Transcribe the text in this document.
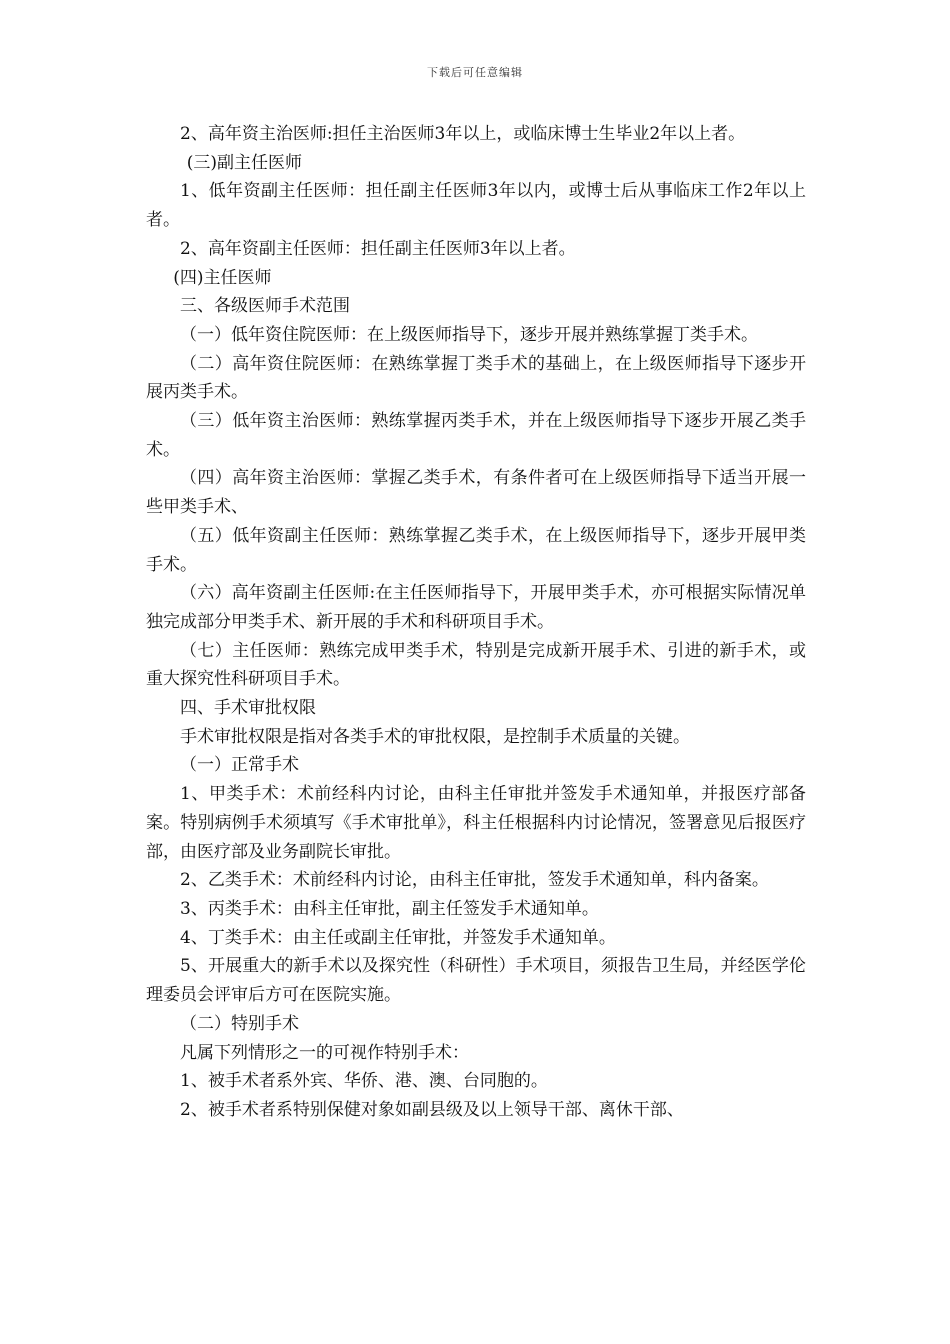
下载后可任意编辑

2、高年资主治医师:担任主治医师3年以上，或临床博士生毕业2年以上者。

(三)副主任医师

1、低年资副主任医师：担任副主任医师3年以内，或博士后从事临床工作2年以上者。

2、高年资副主任医师：担任副主任医师3年以上者。

(四)主任医师

三、各级医师手术范围

（一）低年资住院医师：在上级医师指导下，逐步开展并熟练掌握丁类手术。

（二）高年资住院医师：在熟练掌握丁类手术的基础上，在上级医师指导下逐步开展丙类手术。

（三）低年资主治医师：熟练掌握丙类手术，并在上级医师指导下逐步开展乙类手术。

（四）高年资主治医师：掌握乙类手术，有条件者可在上级医师指导下适当开展一些甲类手术、

（五）低年资副主任医师：熟练掌握乙类手术，在上级医师指导下，逐步开展甲类手术。

（六）高年资副主任医师:在主任医师指导下，开展甲类手术，亦可根据实际情况单独完成部分甲类手术、新开展的手术和科研项目手术。

（七）主任医师：熟练完成甲类手术，特别是完成新开展手术、引进的新手术，或重大探究性科研项目手术。

四、手术审批权限

手术审批权限是指对各类手术的审批权限，是控制手术质量的关键。

（一）正常手术

1、甲类手术：术前经科内讨论，由科主任审批并签发手术通知单，并报医疗部备案。特别病例手术须填写《手术审批单》，科主任根据科内讨论情况，签署意见后报医疗部，由医疗部及业务副院长审批。

2、乙类手术：术前经科内讨论，由科主任审批，签发手术通知单，科内备案。

3、丙类手术：由科主任审批，副主任签发手术通知单。

4、丁类手术：由主任或副主任审批，并签发手术通知单。

5、开展重大的新手术以及探究性（科研性）手术项目，须报告卫生局，并经医学伦理委员会评审后方可在医院实施。

（二）特别手术

凡属下列情形之一的可视作特别手术：

1、被手术者系外宾、华侨、港、澳、台同胞的。

2、被手术者系特别保健对象如副县级及以上领导干部、离休干部、
